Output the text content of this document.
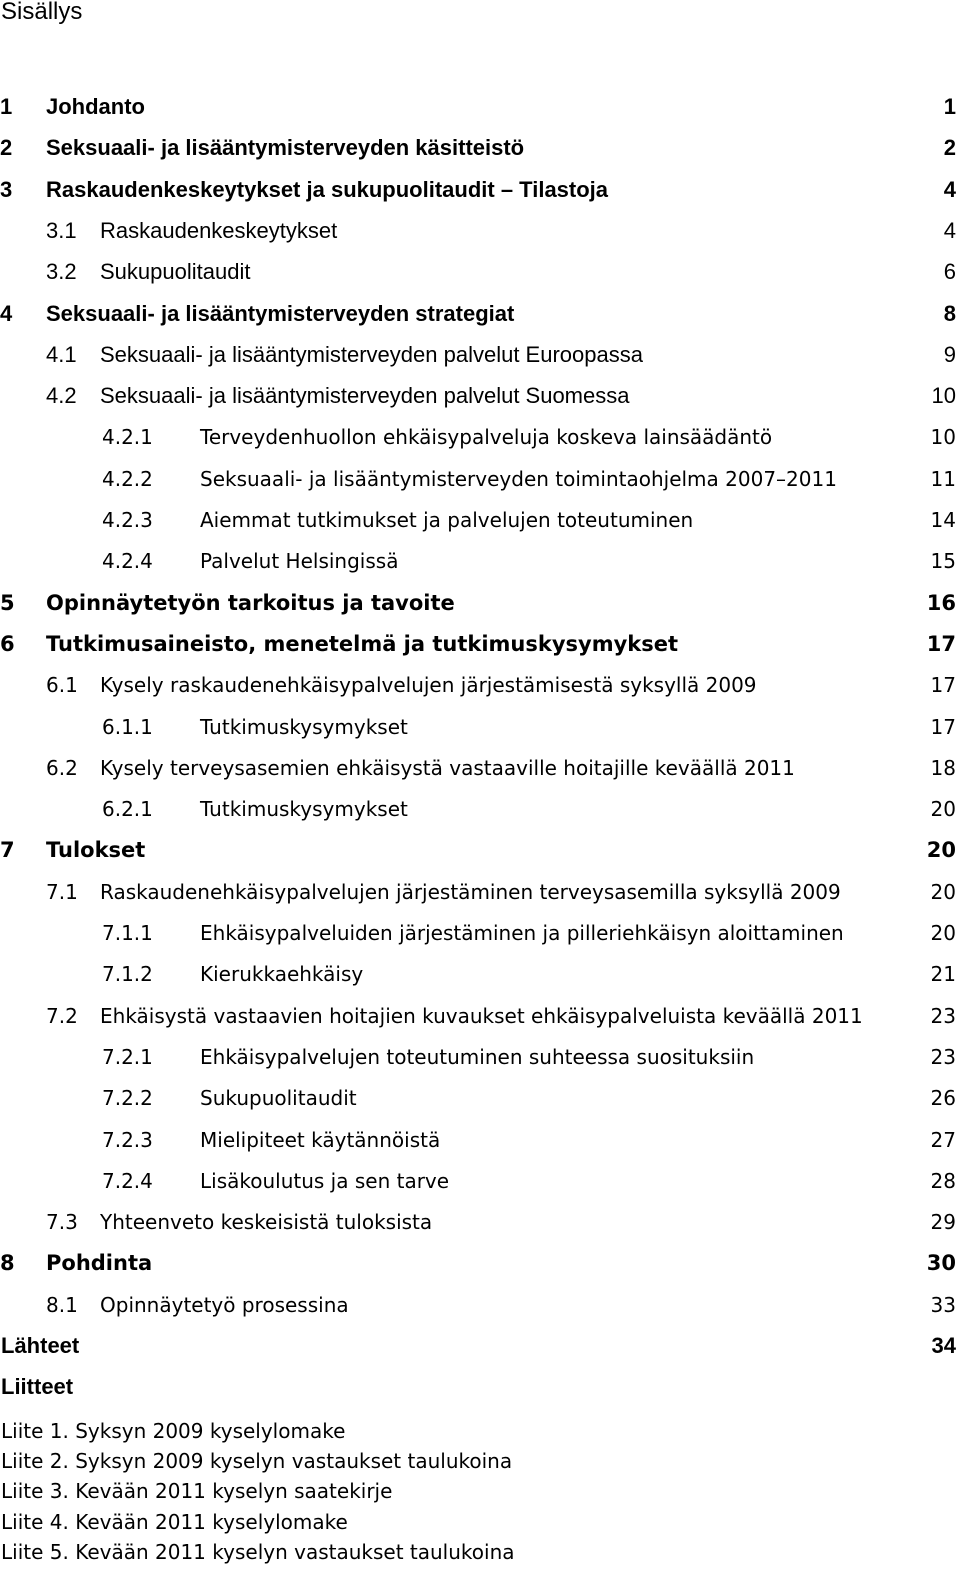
Sisällys
1 Johdanto	1
2 Seksuaali- ja lisääntymisterveyden käsitteistö	2
3 Raskaudenkeskeytykset ja sukupuolitaudit – Tilastoja	4
3.1 Raskaudenkeskeytykset	4
3.2 Sukupuolitaudit	6
4 Seksuaali- ja lisääntymisterveyden strategiat	8
4.1 Seksuaali- ja lisääntymisterveyden palvelut Euroopassa	9
4.2 Seksuaali- ja lisääntymisterveyden palvelut Suomessa	10
4.2.1 Terveydenhuollon ehkäisypalveluja koskeva lainsäädäntö	10
4.2.2 Seksuaali- ja lisääntymisterveyden toimintaohjelma 2007–2011	11
4.2.3 Aiemmat tutkimukset ja palvelujen toteutuminen	14
4.2.4 Palvelut Helsingissä	15
5 Opinnäytetyön tarkoitus ja tavoite	16
6 Tutkimusaineisto, menetelmä ja tutkimuskysymykset	17
6.1 Kysely raskaudenehkäisypalvelujen järjestämisestä syksyllä 2009	17
6.1.1 Tutkimuskysymykset	17
6.2 Kysely terveysasemien ehkäisystä vastaaville hoitajille keväällä 2011	18
6.2.1 Tutkimuskysymykset	20
7 Tulokset	20
7.1 Raskaudenehkäisypalvelujen järjestäminen terveysasemilla syksyllä 2009	20
7.1.1 Ehkäisypalveluiden järjestäminen ja pilleriehkäisyn aloittaminen	20
7.1.2 Kierukkaehkäisy	21
7.2 Ehkäisystä vastaavien hoitajien kuvaukset ehkäisypalveluista keväällä 2011	23
7.2.1 Ehkäisypalvelujen toteutuminen suhteessa suosituksiin	23
7.2.2 Sukupuolitaudit	26
7.2.3 Mielipiteet käytännöistä	27
7.2.4 Lisäkoulutus ja sen tarve	28
7.3 Yhteenveto keskeisistä tuloksista	29
8 Pohdinta	30
8.1 Opinnäytetyö prosessina	33
Lähteet	34
Liitteet
Liite 1. Syksyn 2009 kyselylomake
Liite 2. Syksyn 2009 kyselyn vastaukset taulukoina
Liite 3. Kevään 2011 kyselyn saatekirje
Liite 4. Kevään 2011 kyselylomake
Liite 5. Kevään 2011 kyselyn vastaukset taulukoina
